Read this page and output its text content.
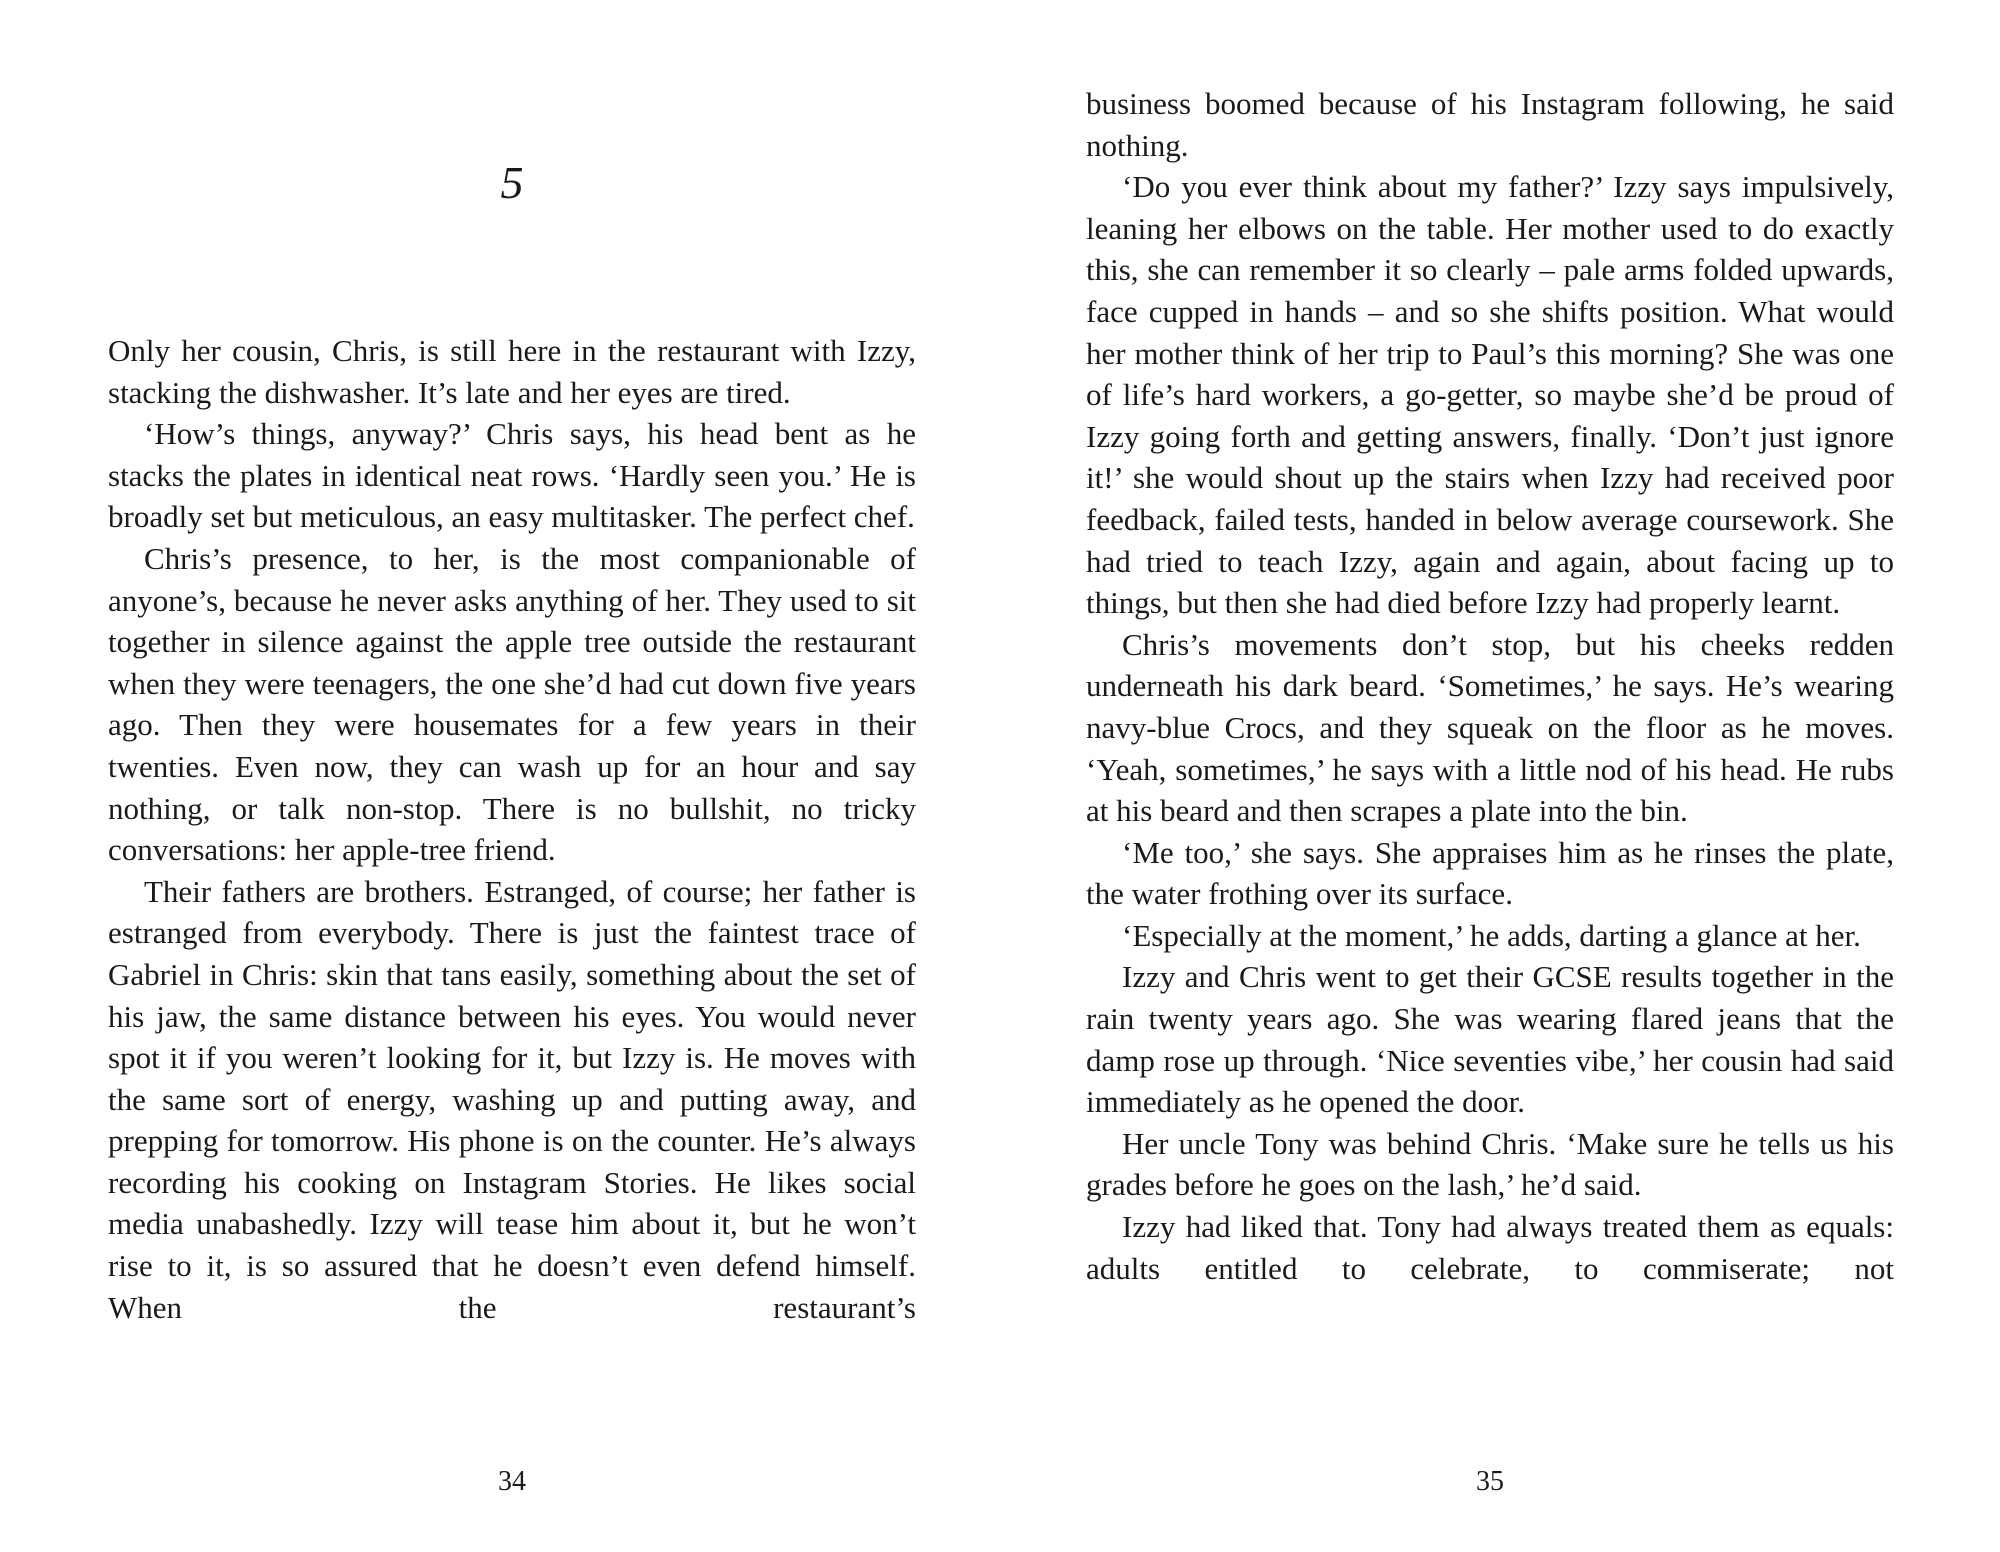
5

Only her cousin, Chris, is still here in the restaurant with Izzy, stacking the dishwasher. It’s late and her eyes are tired.

‘How’s things, anyway?’ Chris says, his head bent as he stacks the plates in identical neat rows. ‘Hardly seen you.’ He is broadly set but meticulous, an easy multitasker. The perfect chef.

Chris’s presence, to her, is the most companionable of anyone’s, because he never asks anything of her. They used to sit together in silence against the apple tree outside the restaurant when they were teenagers, the one she’d had cut down five years ago. Then they were housemates for a few years in their twenties. Even now, they can wash up for an hour and say nothing, or talk non-stop. There is no bullshit, no tricky conversations: her apple-tree friend.

Their fathers are brothers. Estranged, of course; her father is estranged from everybody. There is just the faintest trace of Gabriel in Chris: skin that tans easily, something about the set of his jaw, the same distance between his eyes. You would never spot it if you weren’t looking for it, but Izzy is. He moves with the same sort of energy, washing up and putting away, and prepping for tomorrow. His phone is on the counter. He’s always recording his cooking on Instagram Stories. He likes social media unabashedly. Izzy will tease him about it, but he won’t rise to it, is so assured that he doesn’t even defend himself. When the restaurant’s

34

business boomed because of his Instagram following, he said nothing.

‘Do you ever think about my father?’ Izzy says impulsively, leaning her elbows on the table. Her mother used to do exactly this, she can remember it so clearly – pale arms folded upwards, face cupped in hands – and so she shifts position. What would her mother think of her trip to Paul’s this morning? She was one of life’s hard workers, a go-getter, so maybe she’d be proud of Izzy going forth and getting answers, finally. ‘Don’t just ignore it!’ she would shout up the stairs when Izzy had received poor feedback, failed tests, handed in below average coursework. She had tried to teach Izzy, again and again, about facing up to things, but then she had died before Izzy had properly learnt.

Chris’s movements don’t stop, but his cheeks redden underneath his dark beard. ‘Sometimes,’ he says. He’s wearing navy-blue Crocs, and they squeak on the floor as he moves. ‘Yeah, sometimes,’ he says with a little nod of his head. He rubs at his beard and then scrapes a plate into the bin.

‘Me too,’ she says. She appraises him as he rinses the plate, the water frothing over its surface.

‘Especially at the moment,’ he adds, darting a glance at her.

Izzy and Chris went to get their GCSE results together in the rain twenty years ago. She was wearing flared jeans that the damp rose up through. ‘Nice seventies vibe,’ her cousin had said immediately as he opened the door.

Her uncle Tony was behind Chris. ‘Make sure he tells us his grades before he goes on the lash,’ he’d said.

Izzy had liked that. Tony had always treated them as equals: adults entitled to celebrate, to commiserate; not

35
